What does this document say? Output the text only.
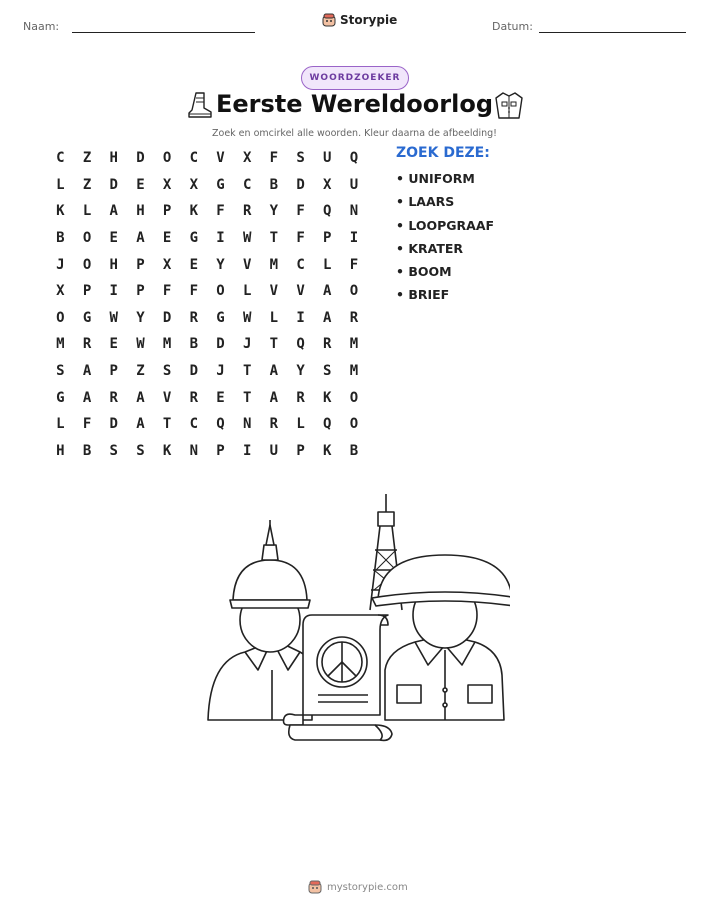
Naam:	Storypie	Datum:
WOORDZOEKER
Eerste Wereldoorlog
Zoek en omcirkel alle woorden. Kleur daarna de afbeelding!
C	Z	H	D	O	C	V	X	F	S	U	Q
L	Z	D	E	X	X	G	C	B	D	X	U
K	L	A	H	P	K	F	R	Y	F	Q	N
B	O	E	A	E	G	I	W	T	F	P	I
J	O	H	P	X	E	Y	V	M	C	L	F
X	P	I	P	F	F	O	L	V	V	A	O
O	G	W	Y	D	R	G	W	L	I	A	R
M	R	E	W	M	B	D	J	T	Q	R	M
S	A	P	Z	S	D	J	T	A	Y	S	M
G	A	R	A	V	R	E	T	A	R	K	O
L	F	D	A	T	C	Q	N	R	L	Q	O
H	B	S	S	K	N	P	I	U	P	K	B
ZOEK DEZE:
• UNIFORM
• LAARS
• LOOPGRAAF
• KRATER
• BOOM
• BRIEF
mystorypie.com
